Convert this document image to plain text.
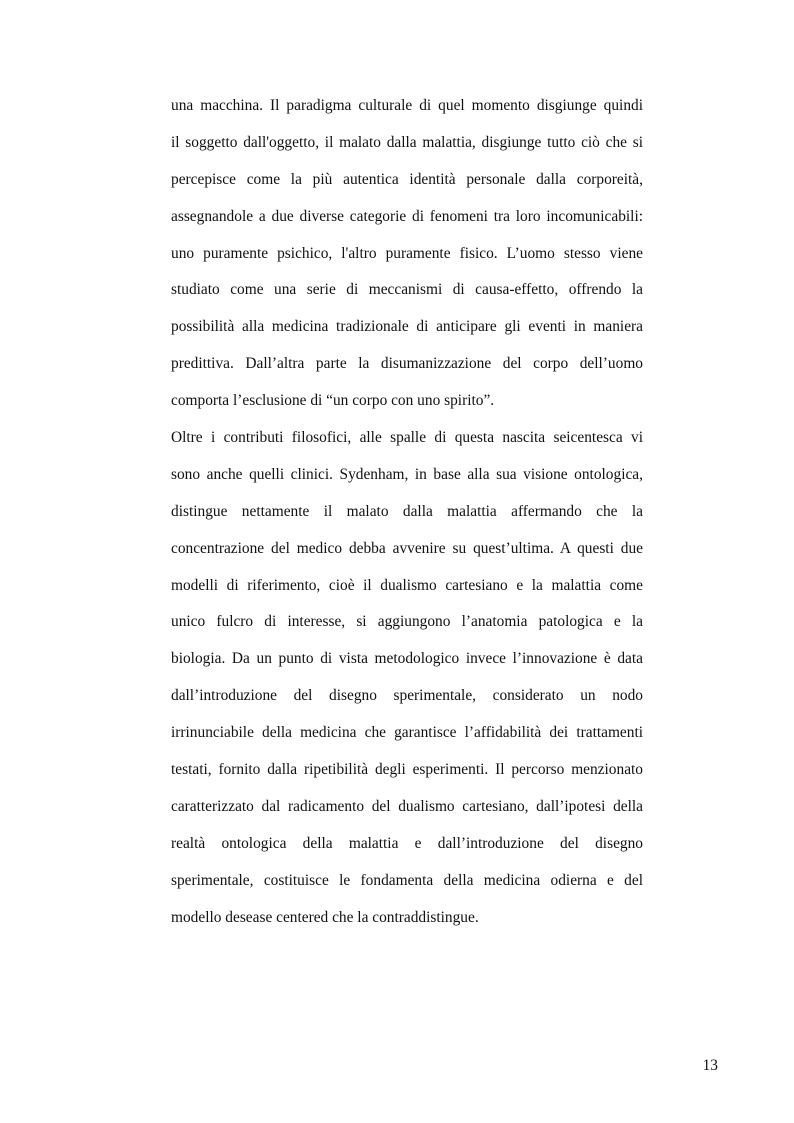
una macchina. Il paradigma culturale di quel momento disgiunge quindi
il soggetto dall'oggetto, il malato dalla malattia, disgiunge tutto ciò che si
percepisce come la più autentica identità personale dalla corporeità,
assegnandole a due diverse categorie di fenomeni tra loro incomunicabili:
uno puramente psichico, l'altro puramente fisico. L’uomo stesso viene
studiato come una serie di meccanismi di causa-effetto, offrendo la
possibilità alla medicina tradizionale di anticipare gli eventi in maniera
predittiva. Dall’altra parte la disumanizzazione del corpo dell’uomo
comporta l’esclusione di “un corpo con uno spirito”.
Oltre i contributi filosofici, alle spalle di questa nascita seicentesca vi
sono anche quelli clinici. Sydenham, in base alla sua visione ontologica,
distingue nettamente il malato dalla malattia affermando che la
concentrazione del medico debba avvenire su quest’ultima. A questi due
modelli di riferimento, cioè il dualismo cartesiano e la malattia come
unico fulcro di interesse, si aggiungono l’anatomia patologica e la
biologia. Da un punto di vista metodologico invece l’innovazione è data
dall’introduzione del disegno sperimentale, considerato un nodo
irrinunciabile della medicina che garantisce l’affidabilità dei trattamenti
testati, fornito dalla ripetibilità degli esperimenti. Il percorso menzionato
caratterizzato dal radicamento del dualismo cartesiano, dall’ipotesi della
realtà ontologica della malattia e dall’introduzione del disegno
sperimentale, costituisce le fondamenta della medicina odierna e del
modello desease centered che la contraddistingue.
13
